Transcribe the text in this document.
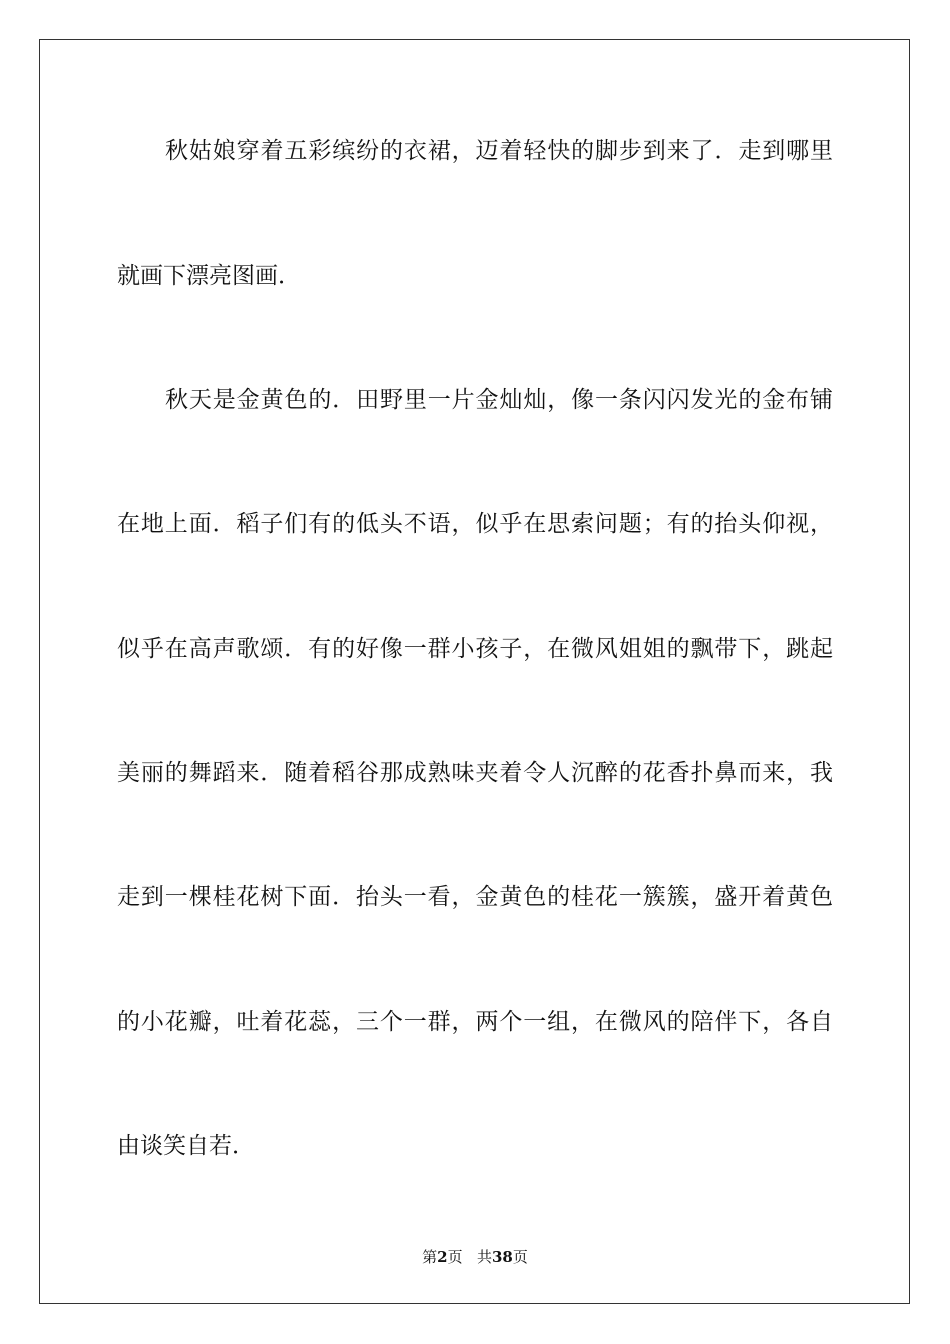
秋姑娘穿着五彩缤纷的衣裙，迈着轻快的脚步到来了．走到哪里
就画下漂亮图画．
秋天是金黄色的．田野里一片金灿灿，像一条闪闪发光的金布铺
在地上面．稻子们有的低头不语，似乎在思索问题；有的抬头仰视，
似乎在高声歌颂．有的好像一群小孩子，在微风姐姐的飘带下，跳起
美丽的舞蹈来．随着稻谷那成熟味夹着令人沉醉的花香扑鼻而来，我
走到一棵桂花树下面．抬头一看，金黄色的桂花一簇簇，盛开着黄色
的小花瓣，吐着花蕊，三个一群，两个一组，在微风的陪伴下，各自
由谈笑自若．
第2页 共38页
